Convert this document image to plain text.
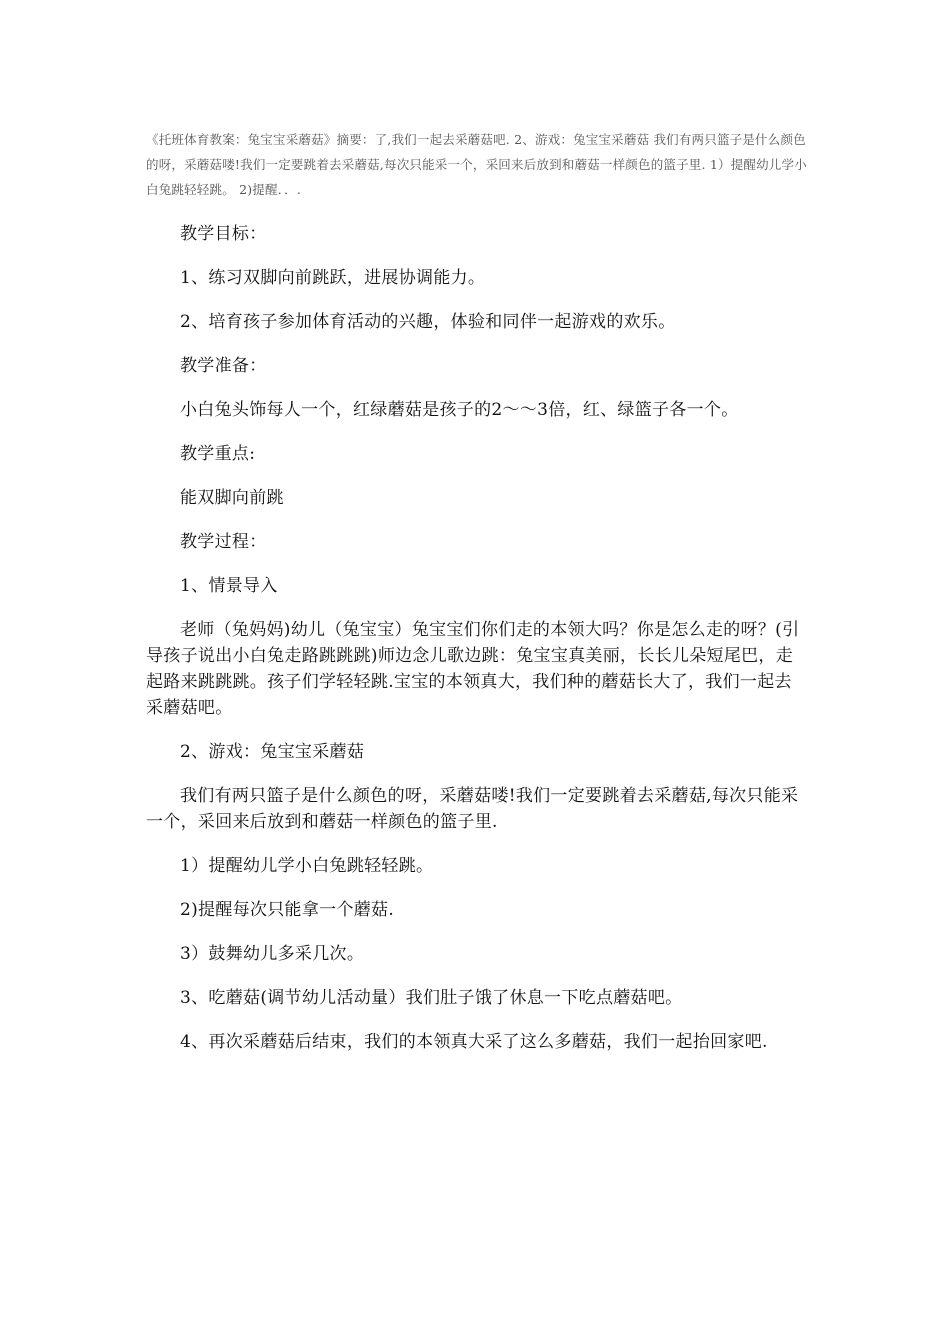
《托班体育教案：兔宝宝采蘑菇》摘要：了,我们一起去采蘑菇吧. 2、游戏：兔宝宝采蘑菇 我们有两只篮子是什么颜色的呀，采蘑菇喽!我们一定要跳着去采蘑菇,每次只能采一个，采回来后放到和蘑菇一样颜色的篮子里. 1）提醒幼儿学小白兔跳轻轻跳。 2)提醒．．.

教学目标：

1、练习双脚向前跳跃，进展协调能力。

2、培育孩子参加体育活动的兴趣，体验和同伴一起游戏的欢乐。

教学准备：

小白兔头饰每人一个，红绿蘑菇是孩子的2～～3倍，红、绿篮子各一个。

教学重点:

能双脚向前跳

教学过程：

1、情景导入

老师（兔妈妈)幼儿（兔宝宝）兔宝宝们你们走的本领大吗？你是怎么走的呀？(引导孩子说出小白兔走路跳跳跳)师边念儿歌边跳：兔宝宝真美丽，长长儿朵短尾巴，走起路来跳跳跳。孩子们学轻轻跳.宝宝的本领真大，我们种的蘑菇长大了，我们一起去采蘑菇吧。

2、游戏：兔宝宝采蘑菇

我们有两只篮子是什么颜色的呀，采蘑菇喽!我们一定要跳着去采蘑菇,每次只能采一个，采回来后放到和蘑菇一样颜色的篮子里.

1）提醒幼儿学小白兔跳轻轻跳。

2)提醒每次只能拿一个蘑菇.

3）鼓舞幼儿多采几次。

3、吃蘑菇(调节幼儿活动量）我们肚子饿了休息一下吃点蘑菇吧。

4、再次采蘑菇后结束，我们的本领真大采了这么多蘑菇，我们一起抬回家吧.
